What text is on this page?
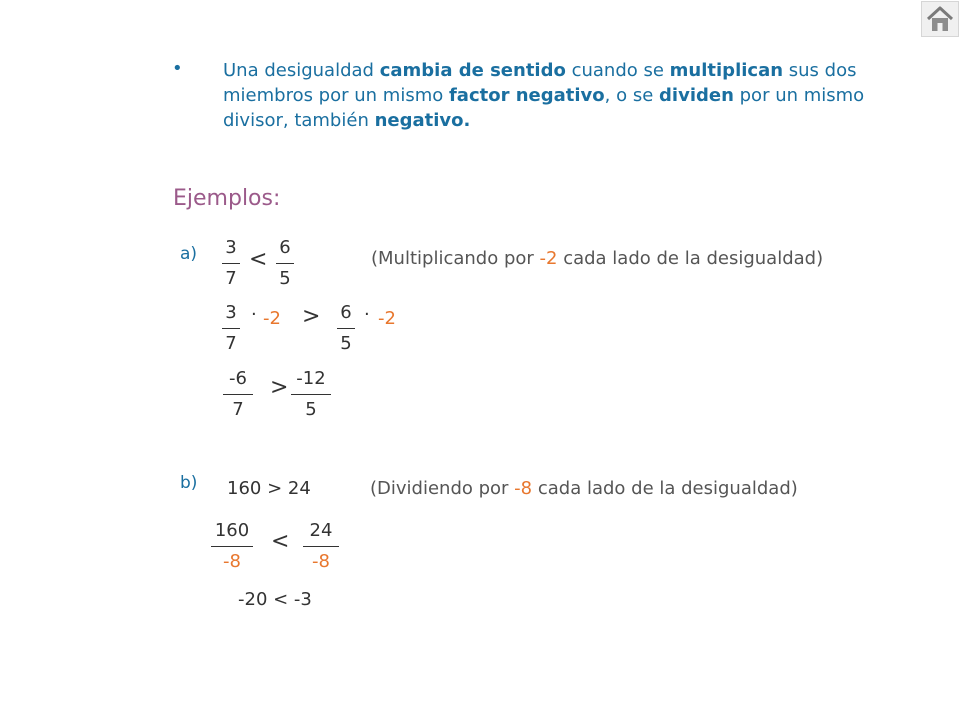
• Una desigualdad cambia de sentido cuando se multiplican sus dos miembros por un mismo factor negativo, o se dividen por un mismo divisor, también negativo.
Ejemplos:
a)	(Multiplicando por -2 cada lado de la desigualdad)
3
7
< 6
5
3
7
· -2 > 6
5
· -2
-6
7
> -12
5
b) 160 > 24	(Dividiendo por -8 cada lado de la desigualdad)
160
-8
<	24
-8
-20 < -3
